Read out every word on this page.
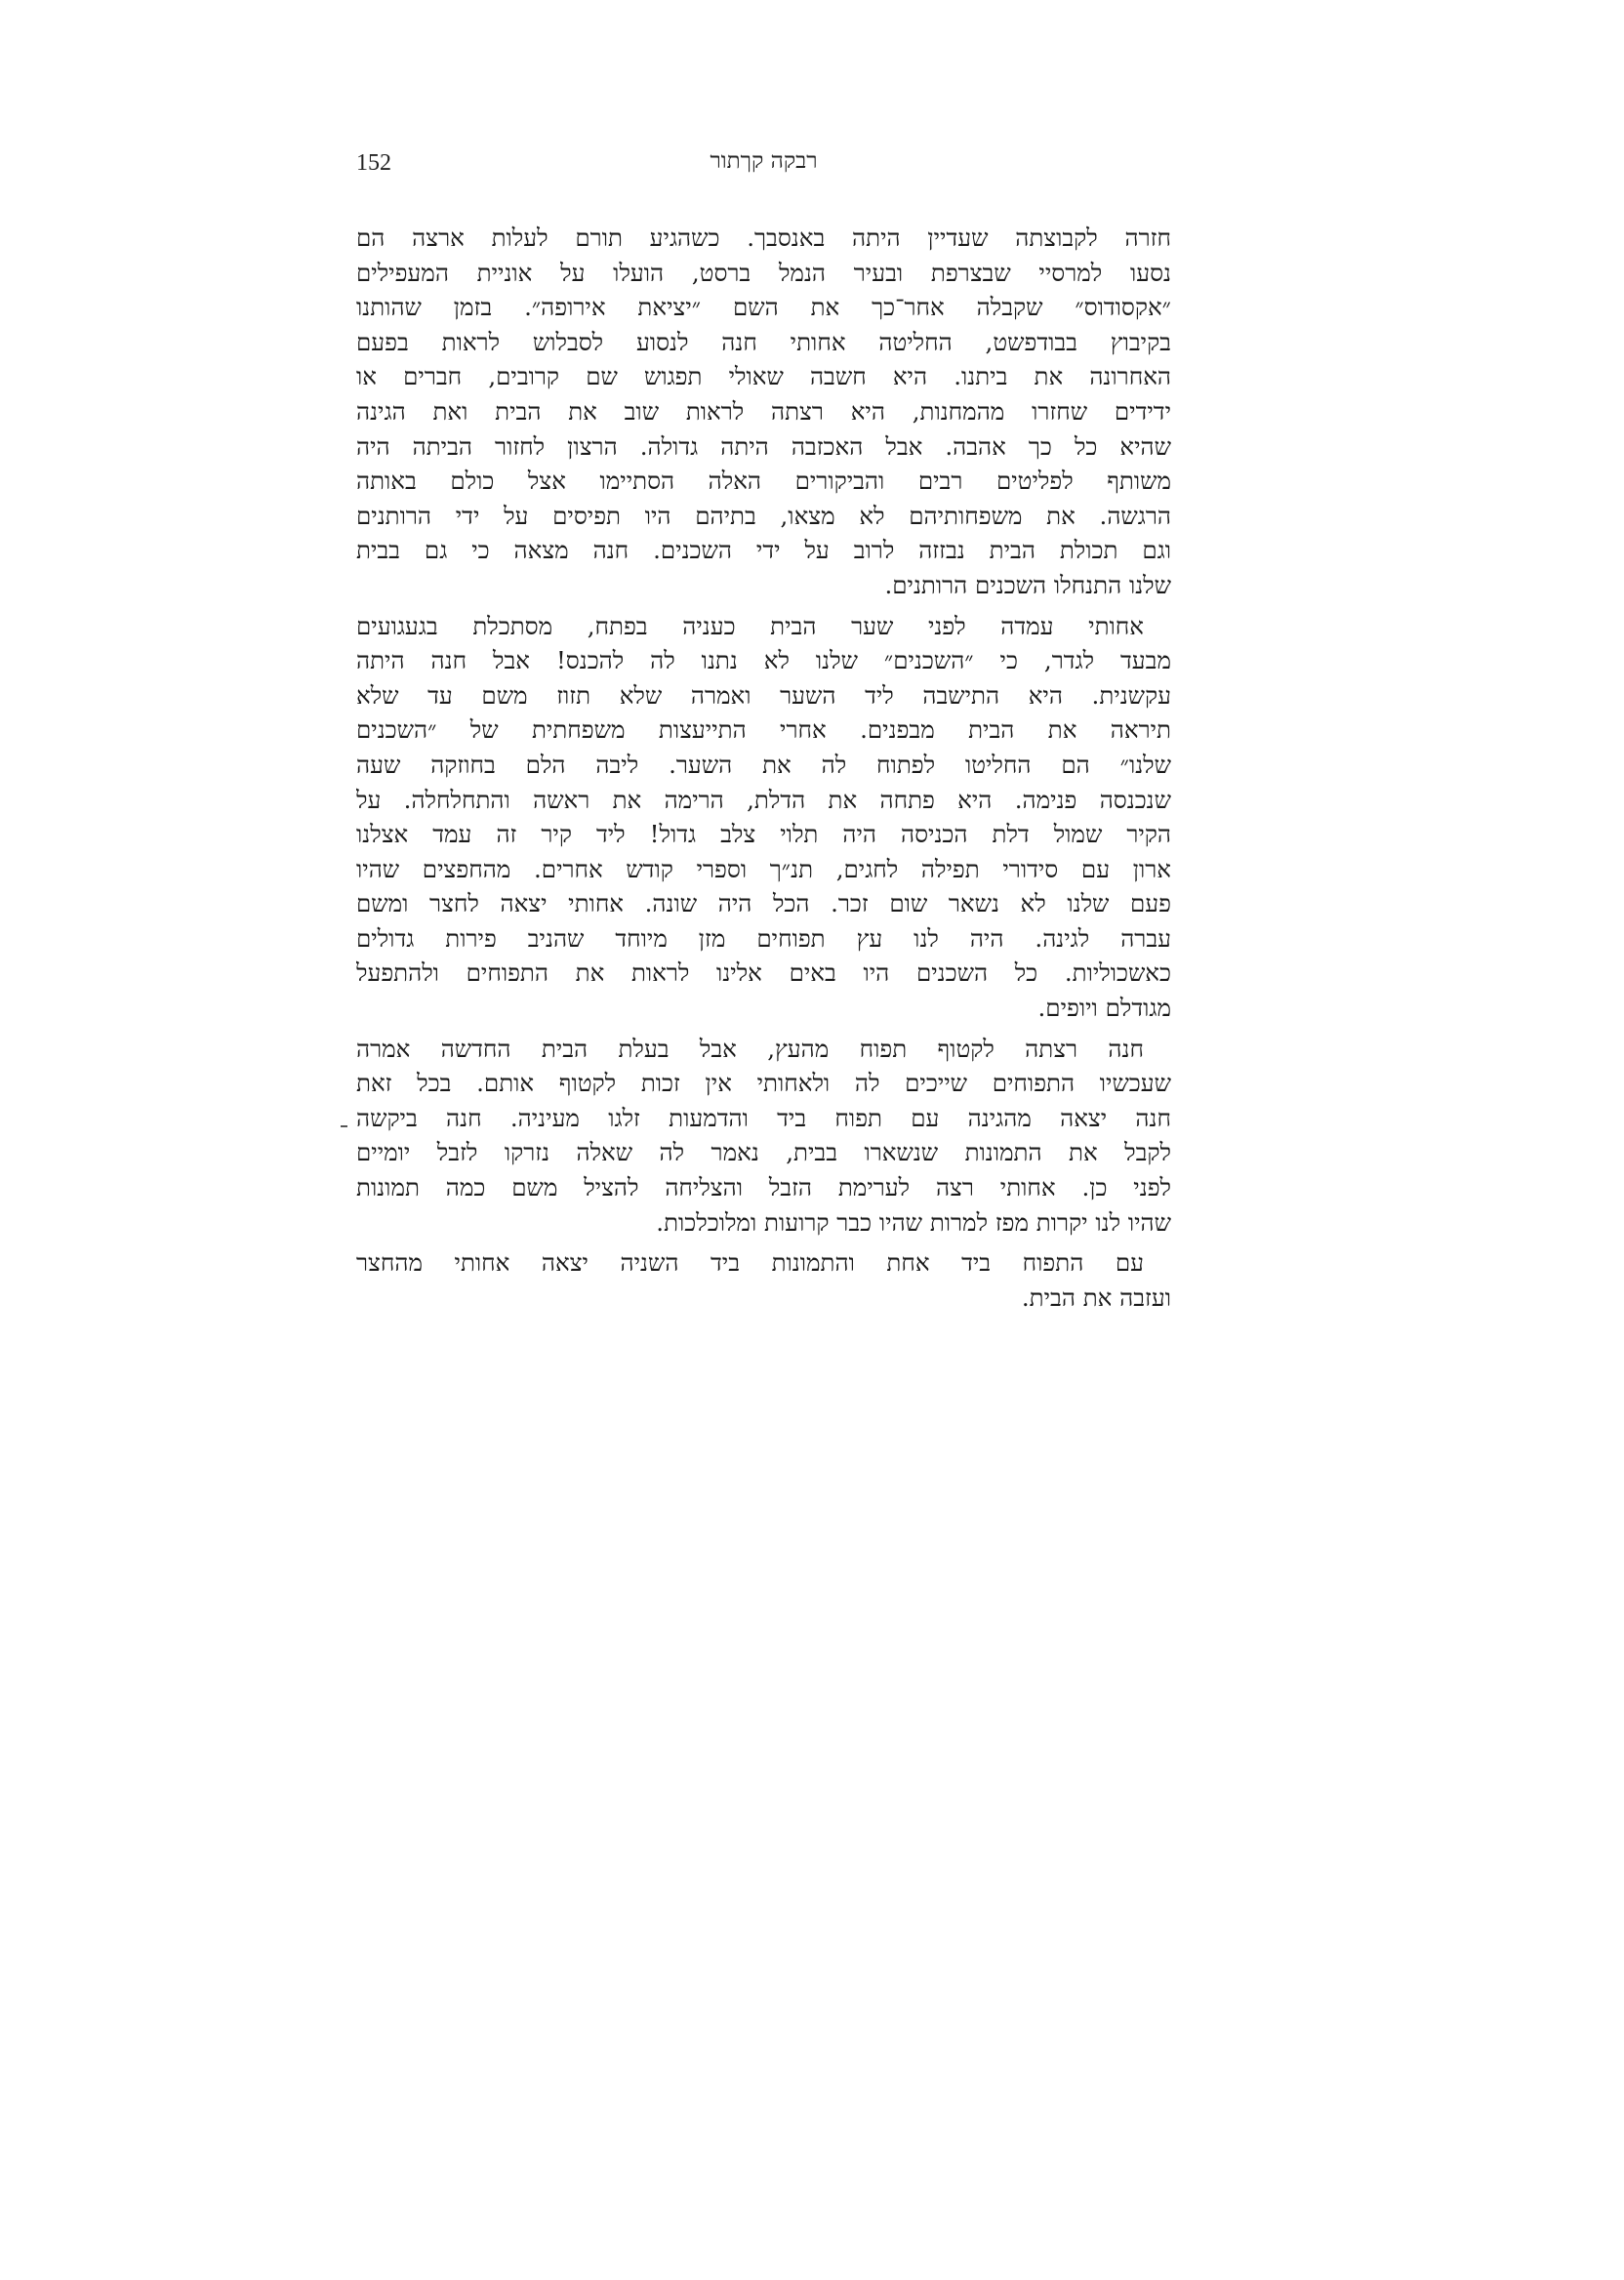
רבקה קךתור
152
חזרה לקבוצתה שעדיין היתה באנסבך. כשהגיע תורם לעלות ארצה הם
נסעו למרסיי שבצרפת ובעיר הנמל ברסט, הועלו על אוניית המעפילים
״אקסודוס״ שקבלה אחר־כך את השם ״יציאת אירופה״. בזמן שהותנו
בקיבוץ בבודפשט, החליטה אחותי חנה לנסוע לסבלוש לראות בפעם
האחרונה את ביתנו. היא חשבה שאולי תפגוש שם קרובים, חברים או
ידידים שחזרו מהמחנות, היא רצתה לראות שוב את הבית ואת הגינה
שהיא כל כך אהבה. אבל האכזבה היתה גדולה. הרצון לחזור הביתה היה
משותף לפליטים רבים והביקורים האלה הסתיימו אצל כולם באותה
הרגשה. את משפחותיהם לא מצאו, בתיהם היו תפיסים על ידי הרותנים
וגם תכולת הבית נבזזה לרוב על ידי השכנים. חנה מצאה כי גם בבית
שלנו התנחלו השכנים הרותנים.
אחותי עמדה לפני שער הבית כעניה בפתח, מסתכלת בגעגועים
מבעד לגדר, כי ״השכנים״ שלנו לא נתנו לה להכנס! אבל חנה היתה
עקשנית. היא התישבה ליד השער ואמרה שלא תזוז משם עד שלא
תיראה את הבית מבפנים. אחרי התייעצות משפחתית של ״השכנים
שלנו״ הם החליטו לפתוח לה את השער. ליבה הלם בחוזקה שעה
שנכנסה פנימה. היא פתחה את הדלת, הרימה את ראשה והתחלחלה. על
הקיר שמול דלת הכניסה היה תלוי צלב גדול! ליד קיר זה עמד אצלנו
ארון עם סידורי תפילה לחגים, תנ״ך וספרי קודש אחרים. מהחפצים שהיו
פעם שלנו לא נשאר שום זכר. הכל היה שונה. אחותי יצאה לחצר ומשם
עברה לגינה. היה לנו עץ תפוחים מזן מיוחד שהניב פירות גדולים
כאשכוליות. כל השכנים היו באים אלינו לראות את התפוחים ולהתפעל
מגודלם ויופים.
חנה רצתה לקטוף תפוח מהעץ, אבל בעלת הבית החדשה אמרה
שעכשיו התפוחים שייכים לה ולאחותי אין זכות לקטוף אותם. בכל זאת
חנה יצאה מהגינה עם תפוח ביד והדמעות זלגו מעיניה. חנה ביקשה
לקבל את התמונות שנשארו בבית, נאמר לה שאלה נזרקו לזבל יומיים
לפני כן. אחותי רצה לערימת הזבל והצליחה להציל משם כמה תמונות
שהיו לנו יקרות מפז למרות שהיו כבר קרועות ומלוכלכות.
עם התפוח ביד אחת והתמונות ביד השניה יצאה אחותי מהחצר
ועזבה את הבית.
